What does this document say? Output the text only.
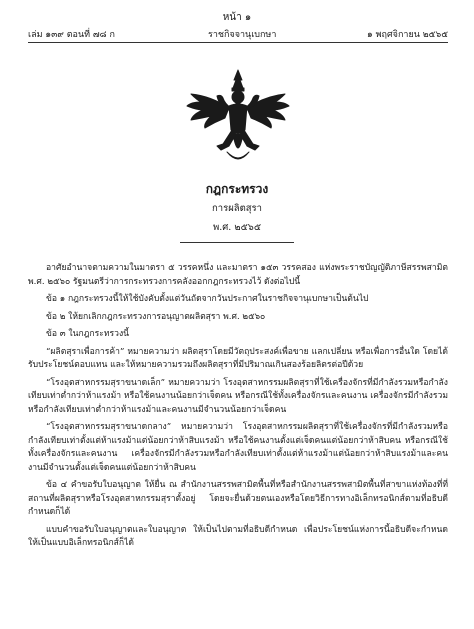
หน้า ๑
เล่ม ๑๓๙ ตอนที่ ๗๘ ก	ราชกิจจานุเบกษา	๑ พฤศจิกายน ๒๕๖๕
กฎกระทรวง
การผลิตสุรา
พ.ศ. ๒๕๖๕

อาศัยอำนาจตามความในมาตรา ๕ วรรคหนึ่ง และมาตรา ๑๕๓ วรรคสอง แห่งพระราชบัญญัติภาษีสรรพสามิต พ.ศ. ๒๕๖๐ รัฐมนตรีว่าการกระทรวงการคลังออกกฎกระทรวงไว้ ดังต่อไปนี้

ข้อ ๑ กฎกระทรวงนี้ให้ใช้บังคับตั้งแต่วันถัดจากวันประกาศในราชกิจจานุเบกษาเป็นต้นไป

ข้อ ๒ ให้ยกเลิกกฎกระทรวงการอนุญาตผลิตสุรา พ.ศ. ๒๕๖๐

ข้อ ๓ ในกฎกระทรวงนี้

“ผลิตสุราเพื่อการค้า” หมายความว่า ผลิตสุราโดยมีวัตถุประสงค์เพื่อขาย แลกเปลี่ยน หรือเพื่อการอื่นใด โดยได้รับประโยชน์ตอบแทน และให้หมายความรวมถึงผลิตสุราที่มีปริมาณเกินสองร้อยลิตรต่อปีด้วย

“โรงอุตสาหกรรมสุราขนาดเล็ก” หมายความว่า โรงอุตสาหกรรมผลิตสุราที่ใช้เครื่องจักรที่มีกำลังรวมหรือกำลังเทียบเท่าต่ำกว่าห้าแรงม้า หรือใช้คนงานน้อยกว่าเจ็ดคน หรือกรณีใช้ทั้งเครื่องจักรและคนงาน เครื่องจักรมีกำลังรวมหรือกำลังเทียบเท่าต่ำกว่าห้าแรงม้าและคนงานมีจำนวนน้อยกว่าเจ็ดคน

“โรงอุตสาหกรรมสุราขนาดกลาง” หมายความว่า โรงอุตสาหกรรมผลิตสุราที่ใช้เครื่องจักรที่มีกำลังรวมหรือกำลังเทียบเท่าตั้งแต่ห้าแรงม้าแต่น้อยกว่าห้าสิบแรงม้า หรือใช้คนงานตั้งแต่เจ็ดคนแต่น้อยกว่าห้าสิบคน หรือกรณีใช้ทั้งเครื่องจักรและคนงาน เครื่องจักรมีกำลังรวมหรือกำลังเทียบเท่าตั้งแต่ห้าแรงม้าแต่น้อยกว่าห้าสิบแรงม้าและคนงานมีจำนวนตั้งแต่เจ็ดคนแต่น้อยกว่าห้าสิบคน

ข้อ ๔ คำขอรับใบอนุญาต ให้ยื่น ณ สำนักงานสรรพสามิตพื้นที่หรือสำนักงานสรรพสามิตพื้นที่สาขาแห่งท้องที่ที่สถานที่ผลิตสุราหรือโรงอุตสาหกรรมสุราตั้งอยู่ โดยจะยื่นด้วยตนเองหรือโดยวิธีการทางอิเล็กทรอนิกส์ตามที่อธิบดีกำหนดก็ได้

แบบคำขอรับใบอนุญาตและใบอนุญาต ให้เป็นไปตามที่อธิบดีกำหนด เพื่อประโยชน์แห่งการนี้อธิบดีจะกำหนดให้เป็นแบบอิเล็กทรอนิกส์ก็ได้
